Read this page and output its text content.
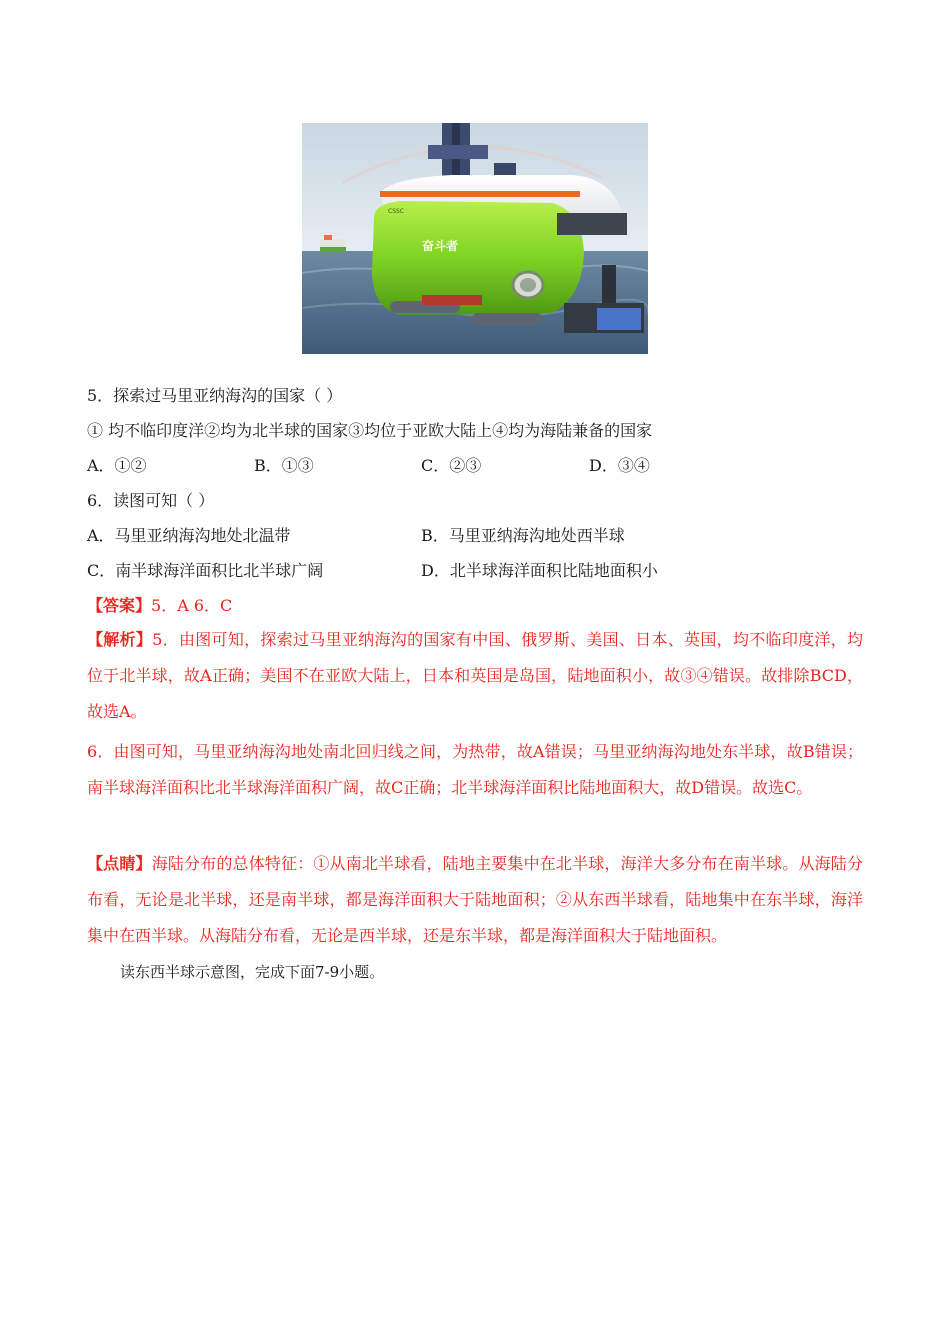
奋斗者
CSSC
5．探索过马里亚纳海沟的国家（ ）
① 均不临印度洋②均为北半球的国家③均位于亚欧大陆上④均为海陆兼备的国家
A．①②	B．①③	C．②③	D．③④
6．读图可知（ ）
A．马里亚纳海沟地处北温带	B．马里亚纳海沟地处西半球
C．南半球海洋面积比北半球广阔	D．北半球海洋面积比陆地面积小
【答案】5．A 6．C
【解析】5．由图可知，探索过马里亚纳海沟的国家有中国、俄罗斯、美国、日本、英国，均不临印度洋，均位于北半球，故A正确；美国不在亚欧大陆上，日本和英国是岛国，陆地面积小，故③④错误。故排除BCD，故选A。
6．由图可知，马里亚纳海沟地处南北回归线之间，为热带，故A错误；马里亚纳海沟地处东半球，故B错误；南半球海洋面积比北半球海洋面积广阔，故C正确；北半球海洋面积比陆地面积大，故D错误。故选C。
【点睛】海陆分布的总体特征：①从南北半球看，陆地主要集中在北半球，海洋大多分布在南半球。从海陆分布看，无论是北半球，还是南半球，都是海洋面积大于陆地面积；②从东西半球看，陆地集中在东半球，海洋集中在西半球。从海陆分布看，无论是西半球，还是东半球，都是海洋面积大于陆地面积。
读东西半球示意图，完成下面7-9小题。
